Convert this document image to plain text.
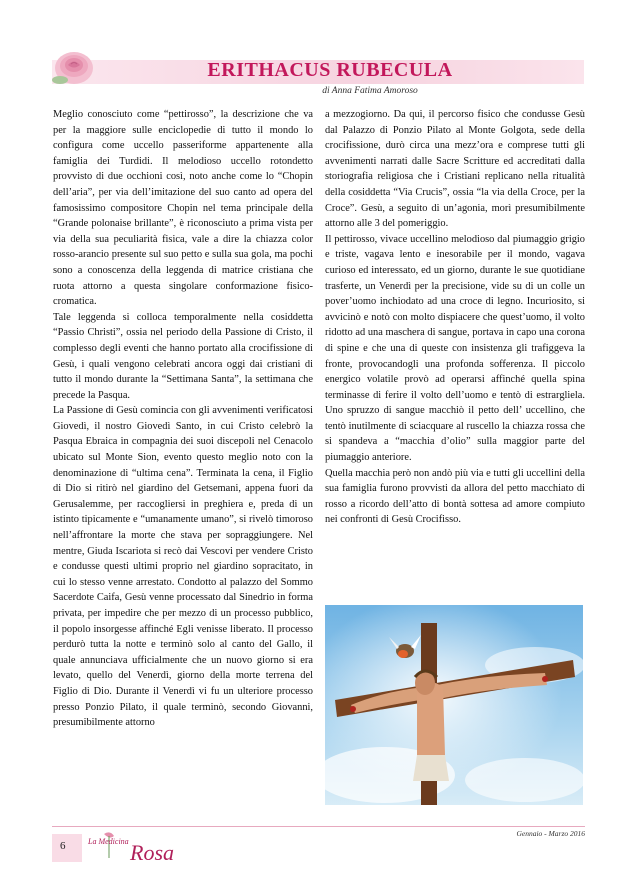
ERITHACUS RUBECULA
di Anna Fatima Amoroso

Meglio conosciuto come “pettirosso”, la descrizione che va per la maggiore sulle enciclopedie di tutto il mondo lo configura come uccello passeriforme appartenente alla famiglia dei Turdidi. Il melodioso uccello rotondetto provvisto di due occhioni così, noto anche come lo “Chopin dell’aria”, per via dell’imitazione del suo canto ad opera del famosissimo compositore Chopin nel tema principale della “Grande polonaise brillante”, è riconosciuto a prima vista per via della sua peculiarità fisica, vale a dire la chiazza color rosso-arancio presente sul suo petto e sulla sua gola, ma pochi sono a conoscenza della leggenda di matrice cristiana che ruota attorno a questa singolare conformazione fisico-cromatica.

Tale leggenda si colloca temporalmente nella cosiddetta “Passio Christi”, ossia nel periodo della Passione di Cristo, il complesso degli eventi che hanno portato alla crocifissione di Gesù, i quali vengono celebrati ancora oggi dai cristiani di tutto il mondo durante la “Settimana Santa”, la settimana che precede la Pasqua.

La Passione di Gesù comincia con gli avvenimenti verificatosi Giovedì, il nostro Giovedì Santo, in cui Cristo celebrò la Pasqua Ebraica in compagnia dei suoi discepoli nel Cenacolo ubicato sul Monte Sion, evento questo meglio noto con la denominazione di “ultima cena”. Terminata la cena, il Figlio di Dio si ritirò nel giardino del Getsemani, appena fuori da Gerusalemme, per raccogliersi in preghiera e, preda di un istinto tipicamente e “umanamente umano”, si rivelò timoroso nell’affrontare la morte che stava per sopraggiungere. Nel mentre, Giuda Iscariota si recò dai Vescovi per vendere Cristo e condusse questi ultimi proprio nel giardino sopracitato, in cui lo stesso venne arrestato. Condotto al palazzo del Sommo Sacerdote Caifa, Gesù venne processato dal Sinedrio in forma privata, per impedire che per mezzo di un processo pubblico, il popolo insorgesse affinché Egli venisse liberato. Il processo perdurò tutta la notte e terminò solo al canto del Gallo, il quale annunciava ufficialmente che un nuovo giorno si era levato, quello del Venerdì, giorno della morte terrena del Figlio di Dio. Durante il Venerdì vi fu un ulteriore processo presso Ponzio Pilato, il quale terminò, secondo Giovanni, presumibilmente attorno

a mezzogiorno. Da qui, il percorso fisico che condusse Gesù dal Palazzo di Ponzio Pilato al Monte Golgota, sede della crocifissione, durò circa una mezz’ora e comprese tutti gli avvenimenti narrati dalle Sacre Scritture ed accreditati dalla storiografia religiosa che i Cristiani replicano nella ritualità della cosiddetta “Via Crucis”, ossia “la via della Croce, per la Croce”. Gesù, a seguito di un’agonia, morì presumibilmente attorno alle 3 del pomeriggio.

Il pettirosso, vivace uccellino melodioso dal piumaggio grigio e triste, vagava lento e inesorabile per il mondo, vagava curioso ed interessato, ed un giorno, durante le sue quotidiane trasferte, un Venerdì per la precisione, vide su di un colle un pover’uomo inchiodato ad una croce di legno. Incuriosito, si avvicinò e notò con molto dispiacere che quest’uomo, il volto ridotto ad una maschera di sangue, portava in capo una corona di spine e che una di queste con insistenza gli trafiggeva la fronte, provocandogli una profonda sofferenza. Il piccolo energico volatile provò ad operarsi affinché quella spina terminasse di ferire il volto dell’uomo e tentò di estrargliela. Uno spruzzo di sangue macchiò il petto dell’ uccellino, che tentò inutilmente di sciacquare al ruscello la chiazza rossa che si spandeva a “macchia d’olio” sulla maggior parte del piumaggio anteriore.

Quella macchia però non andò più via e tutti gli uccellini della sua famiglia furono provvisti da allora del petto macchiato di rosso a ricordo dell’atto di bontà sottesa ad amore compiuto nei confronti di Gesù Crocifisso.

6	La Medicina Rosa
Gennaio - Marzo 2016
